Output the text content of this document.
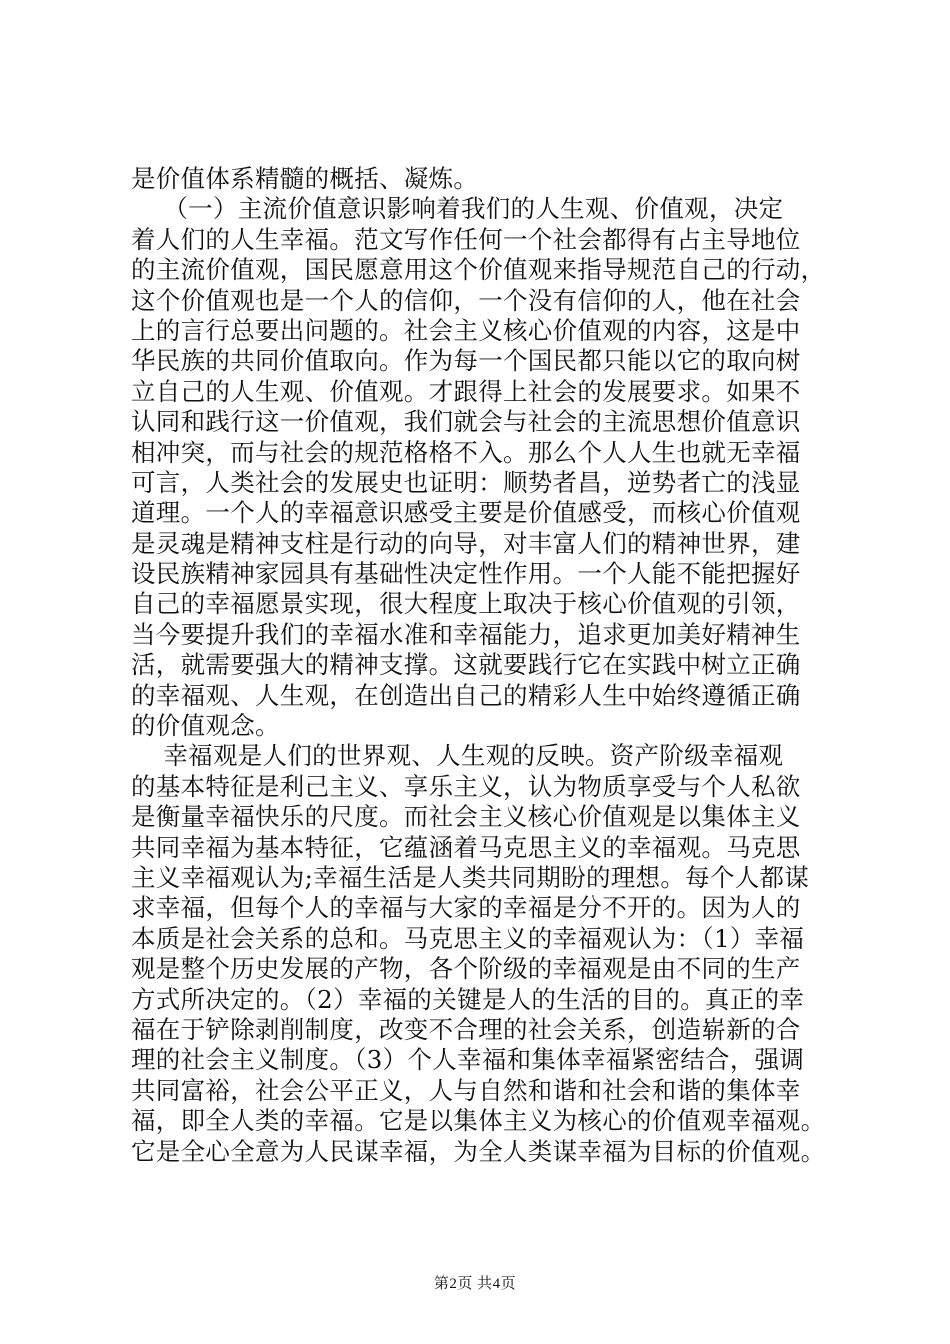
是价值体系精髓的概括、凝炼。
（一）主流价值意识影响着我们的人生观、价值观，决定
着人们的人生幸福。范文写作任何一个社会都得有占主导地位
的主流价值观，国民愿意用这个价值观来指导规范自己的行动，
这个价值观也是一个人的信仰，一个没有信仰的人，他在社会
上的言行总要出问题的。社会主义核心价值观的内容，这是中
华民族的共同价值取向。作为每一个国民都只能以它的取向树
立自己的人生观、价值观。才跟得上社会的发展要求。如果不
认同和践行这一价值观，我们就会与社会的主流思想价值意识
相冲突，而与社会的规范格格不入。那么个人人生也就无幸福
可言，人类社会的发展史也证明：顺势者昌，逆势者亡的浅显
道理。一个人的幸福意识感受主要是价值感受，而核心价值观
是灵魂是精神支柱是行动的向导，对丰富人们的精神世界，建
设民族精神家园具有基础性决定性作用。一个人能不能把握好
自己的幸福愿景实现，很大程度上取决于核心价值观的引领，
当今要提升我们的幸福水准和幸福能力，追求更加美好精神生
活，就需要强大的精神支撑。这就要践行它在实践中树立正确
的幸福观、人生观，在创造出自己的精彩人生中始终遵循正确
的价值观念。
幸福观是人们的世界观、人生观的反映。资产阶级幸福观
的基本特征是利己主义、享乐主义，认为物质享受与个人私欲
是衡量幸福快乐的尺度。而社会主义核心价值观是以集体主义
共同幸福为基本特征，它蕴涵着马克思主义的幸福观。马克思
主义幸福观认为;幸福生活是人类共同期盼的理想。每个人都谋
求幸福，但每个人的幸福与大家的幸福是分不开的。因为人的
本质是社会关系的总和。马克思主义的幸福观认为：（1）幸福
观是整个历史发展的产物，各个阶级的幸福观是由不同的生产
方式所决定的。（2）幸福的关键是人的生活的目的。真正的幸
福在于铲除剥削制度，改变不合理的社会关系，创造崭新的合
理的社会主义制度。（3）个人幸福和集体幸福紧密结合，强调
共同富裕，社会公平正义，人与自然和谐和社会和谐的集体幸
福，即全人类的幸福。它是以集体主义为核心的价值观幸福观。
它是全心全意为人民谋幸福，为全人类谋幸福为目标的价值观。
第2页 共4页
